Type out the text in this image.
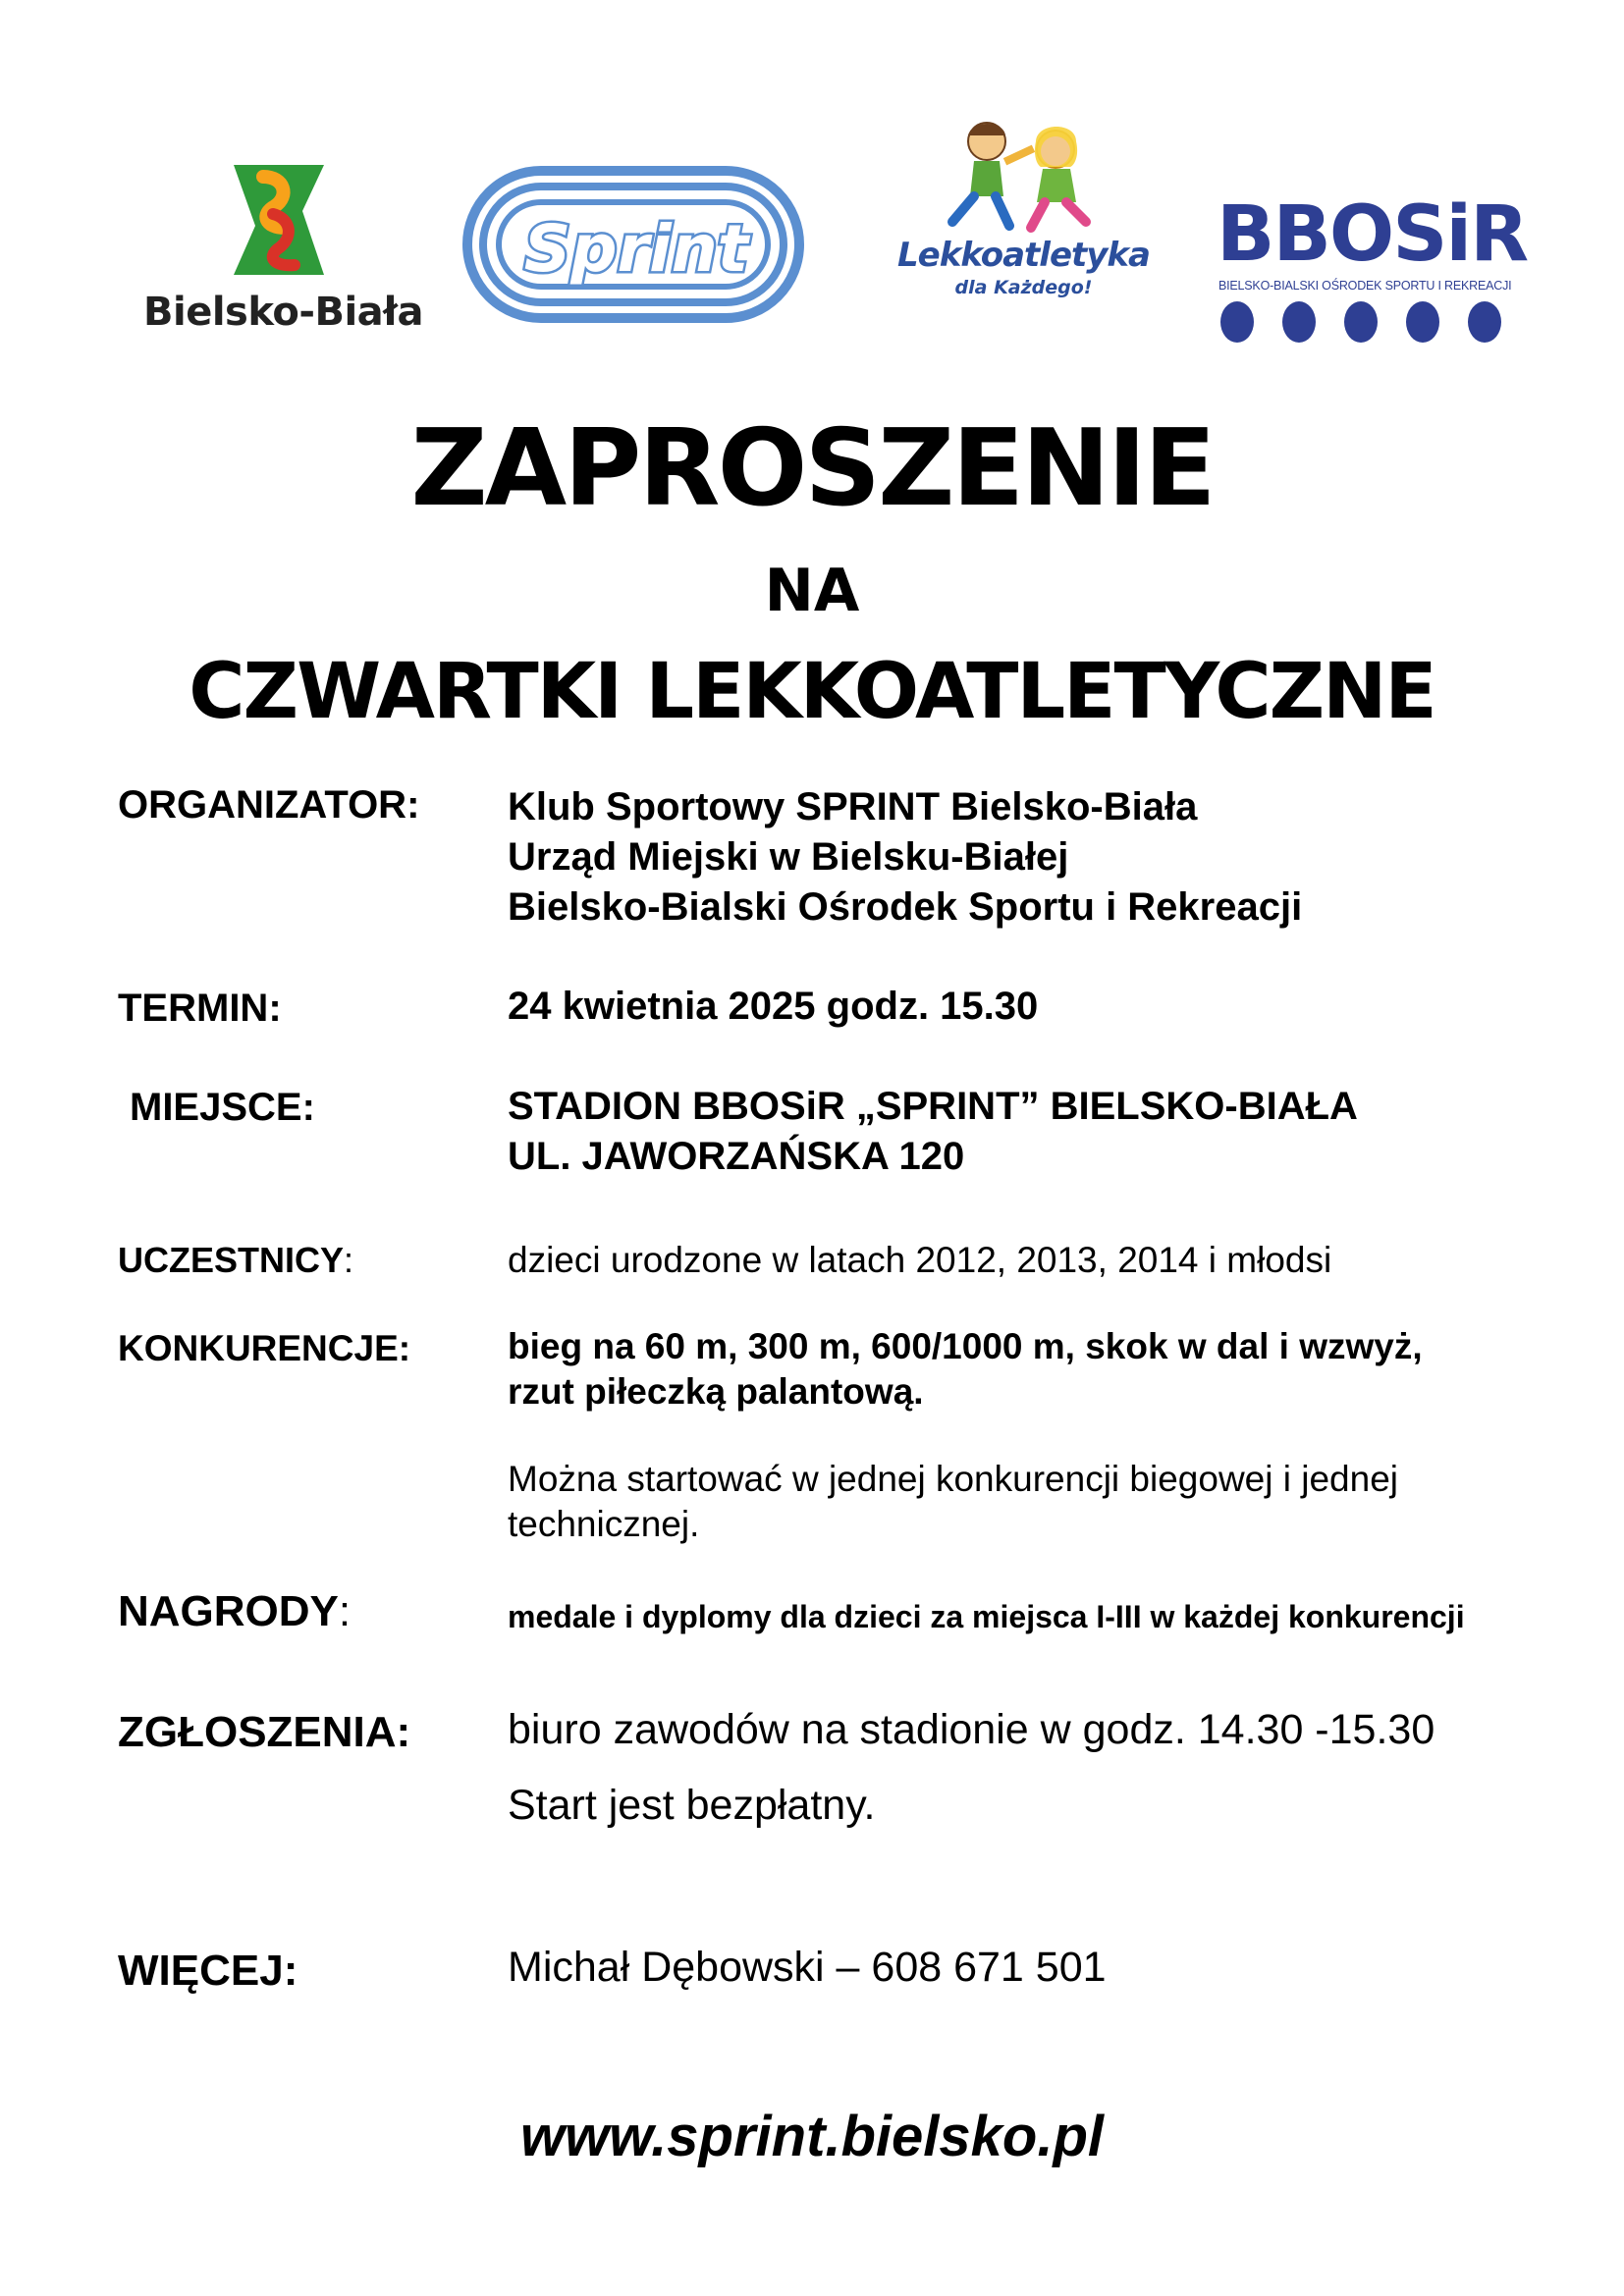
Bielsko-Biała
Sprint	Lekkoatletyka
dla Każdego!
BBOSiR
BIELSKO-BIALSKI OŚRODEK SPORTU I REKREACJI
ZAPROSZENIE
NA
CZWARTKI LEKKOATLETYCZNE
ORGANIZATOR: Klub Sportowy SPRINT Bielsko-Biała
Urząd Miejski w Bielsku-Białej
Bielsko-Bialski Ośrodek Sportu i Rekreacji
TERMIN:	24 kwietnia 2025 godz. 15.30
MIEJSCE:	STADION BBOSiR „SPRINT” BIELSKO-BIAŁA
UL. JAWORZAŃSKA 120
UCZESTNICY:	dzieci urodzone w latach 2012, 2013, 2014 i młodsi
KONKURENCJE:	bieg na 60 m, 300 m, 600/1000 m, skok w dal i wzwyż,
rzut piłeczką palantową.
Można startować w jednej konkurencji biegowej i jednej
technicznej.
NAGRODY:	medale i dyplomy dla dzieci za miejsca I-III w każdej konkurencji
ZGŁOSZENIA: biuro zawodów na stadionie w godz. 14.30 -15.30
Start jest bezpłatny.
WIĘCEJ:	Michał Dębowski – 608 671 501
www.sprint.bielsko.pl
